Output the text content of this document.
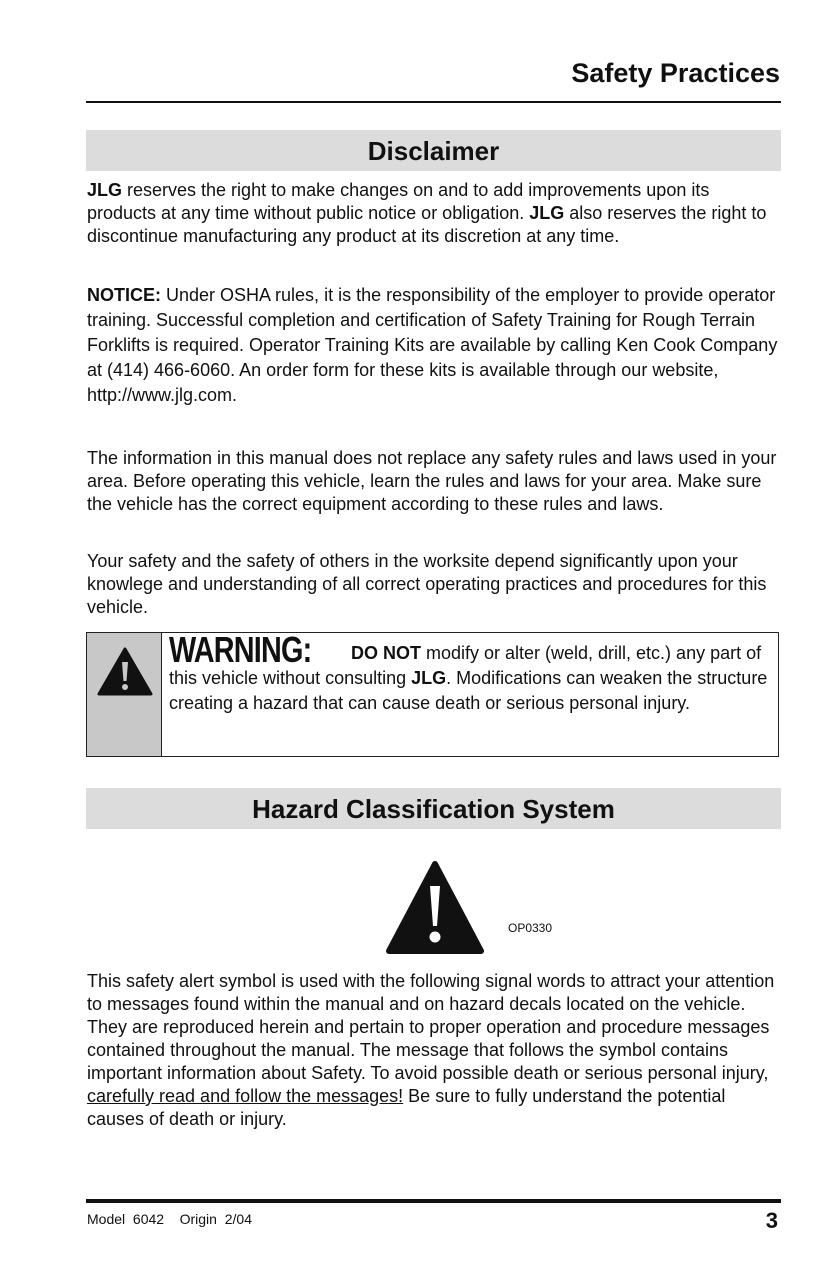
Safety Practices
Disclaimer

JLG reserves the right to make changes on and to add improvements upon its products at any time without public notice or obligation. JLG also reserves the right to discontinue manufacturing any product at its discretion at any time.

NOTICE: Under OSHA rules, it is the responsibility of the employer to provide operator training. Successful completion and certification of Safety Training for Rough Terrain Forklifts is required. Operator Training Kits are available by calling Ken Cook Company at (414) 466-6060. An order form for these kits is available through our website,
http://www.jlg.com.

The information in this manual does not replace any safety rules and laws used in your area. Before operating this vehicle, learn the rules and laws for your area. Make sure the vehicle has the correct equipment according to these rules and laws.

Your safety and the safety of others in the worksite depend significantly upon your knowlege and understanding of all correct operating practices and procedures for this vehicle.

WARNING: DO NOT modify or alter (weld, drill, etc.) any part of this vehicle without consulting JLG. Modifications can weaken the structure creating a hazard that can cause death or serious personal injury.
Hazard Classification System
OP0330

This safety alert symbol is used with the following signal words to attract your attention to messages found within the manual and on hazard decals located on the vehicle. They are reproduced herein and pertain to proper operation and procedure messages contained throughout the manual. The message that follows the symbol contains important information about Safety. To avoid possible death or serious personal injury, carefully read and follow the messages! Be sure to fully understand the potential causes of death or injury.

Model  6042    Origin  2/04	3
